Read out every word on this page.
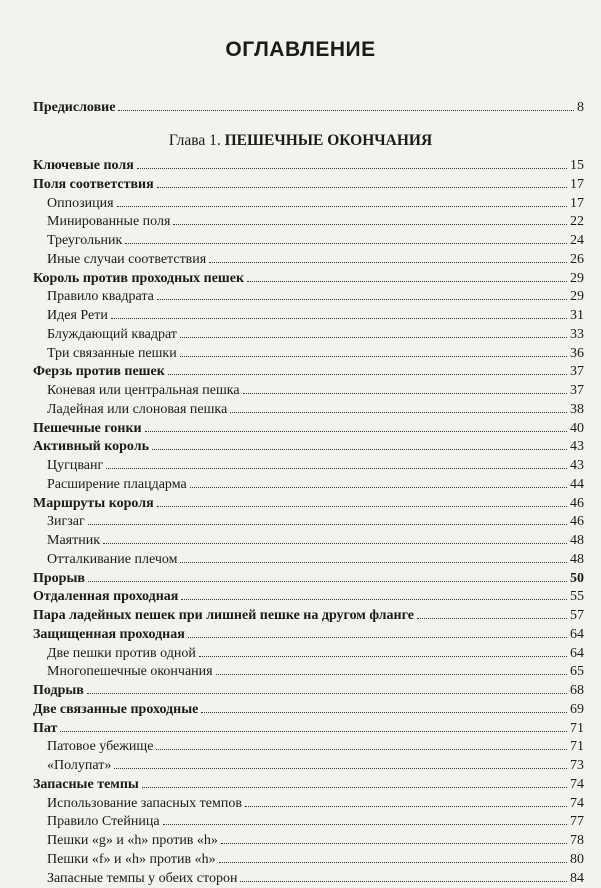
ОГЛАВЛЕНИЕ
Предисловие	8
Ключевые поля	15
Поля соответствия	17
Оппозиция	17
Минированные поля	22
Треугольник	24
Иные случаи соответствия	26
Король против проходных пешек	29
Правило квадрата	29
Идея Рети	31
Блуждающий квадрат	33
Три связанные пешки	36
Ферзь против пешек	37
Коневая или центральная пешка	37
Ладейная или слоновая пешка	38
Пешечные гонки	40
Активный король	43
Цугцванг	43
Расширение плацдарма	44
Маршруты короля	46
Зигзаг	46
Маятник	48
Отталкивание плечом	48
Прорыв	50
Отдаленная проходная	55
Пара ладейных пешек при лишней пешке на другом фланге	57
Защищенная проходная	64
Две пешки против одной	64
Многопешечные окончания	65
Подрыв	68
Две связанные проходные	69
Пат	71
Патовое убежище	71
«Полупат»	73
Запасные темпы	74
Использование запасных темпов	74
Правило Стейница	77
Пешки «g» и «h» против «h»	78
Пешки «f» и «h» против «h»	80
Запасные темпы у обеих сторон	84
Глава 1. ПЕШЕЧНЫЕ ОКОНЧАНИЯ
